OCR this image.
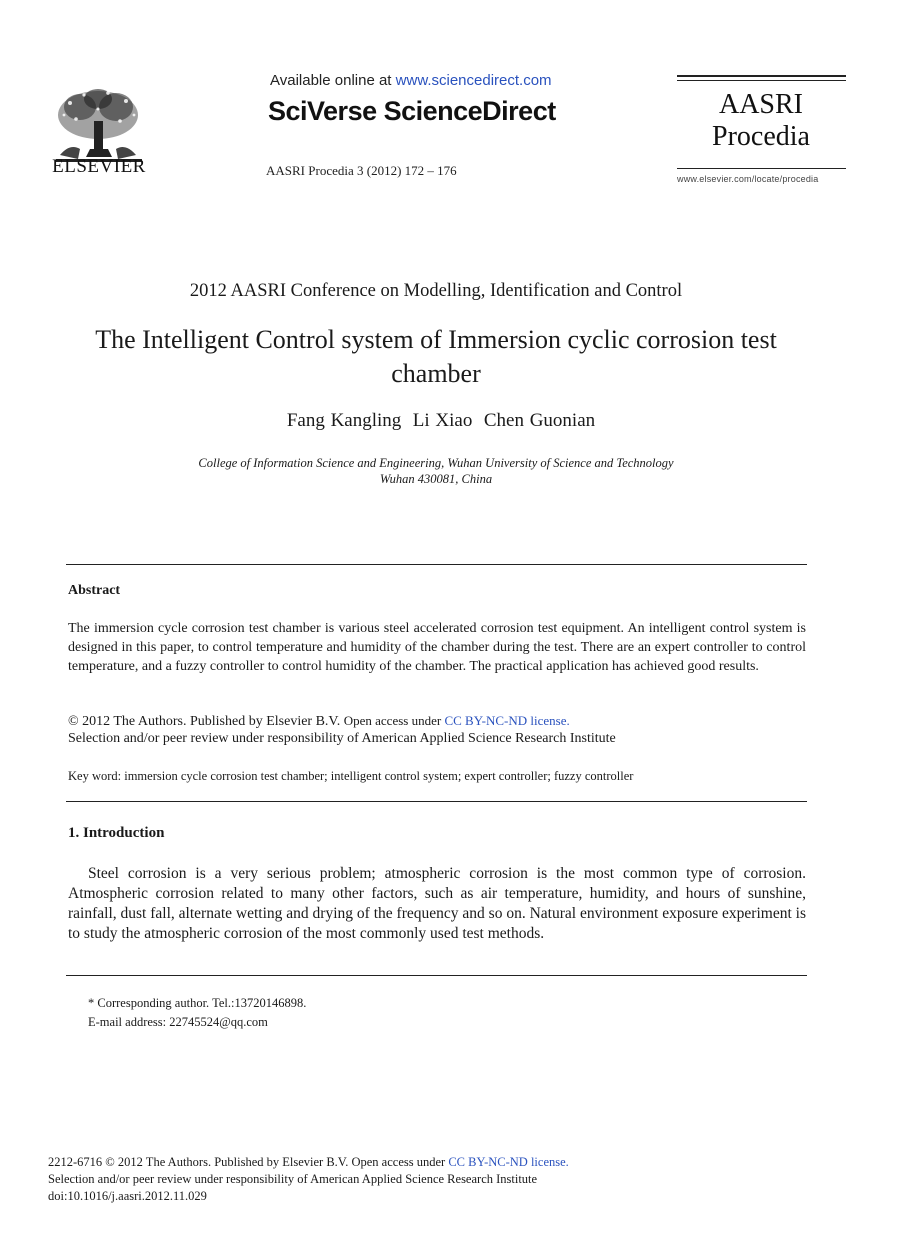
ELSEVIER
Available online at www.sciencedirect.com
SciVerse ScienceDirect
AASRI Procedia 3 (2012) 172 – 176
AASRI
Procedia
www.elsevier.com/locate/procedia
2012 AASRI Conference on Modelling, Identification and Control
The Intelligent Control system of Immersion cyclic corrosion test chamber
Fang Kangling  Li Xiao  Chen Guonian
College of Information Science and Engineering, Wuhan University of Science and Technology
Wuhan 430081, China
Abstract
The immersion cycle corrosion test chamber is various steel accelerated corrosion test equipment. An intelligent control system is designed in this paper, to control temperature and humidity of the chamber during the test. There are an expert controller to control temperature, and a fuzzy controller to control humidity of the chamber. The practical application has achieved good results.
© 2012 The Authors. Published by Elsevier B.V. Open access under CC BY-NC-ND license.
Selection and/or peer review under responsibility of American Applied Science Research Institute
Key word: immersion cycle corrosion test chamber; intelligent control system; expert controller; fuzzy controller
1. Introduction
Steel corrosion is a very serious problem; atmospheric corrosion is the most common type of corrosion. Atmospheric corrosion related to many other factors, such as air temperature, humidity, and hours of sunshine, rainfall, dust fall, alternate wetting and drying of the frequency and so on. Natural environment exposure experiment is to study the atmospheric corrosion of the most commonly used test methods.
* Corresponding author. Tel.:13720146898.
E-mail address: 22745524@qq.com
2212-6716 © 2012 The Authors. Published by Elsevier B.V. Open access under CC BY-NC-ND license.
Selection and/or peer review under responsibility of American Applied Science Research Institute
doi:10.1016/j.aasri.2012.11.029
